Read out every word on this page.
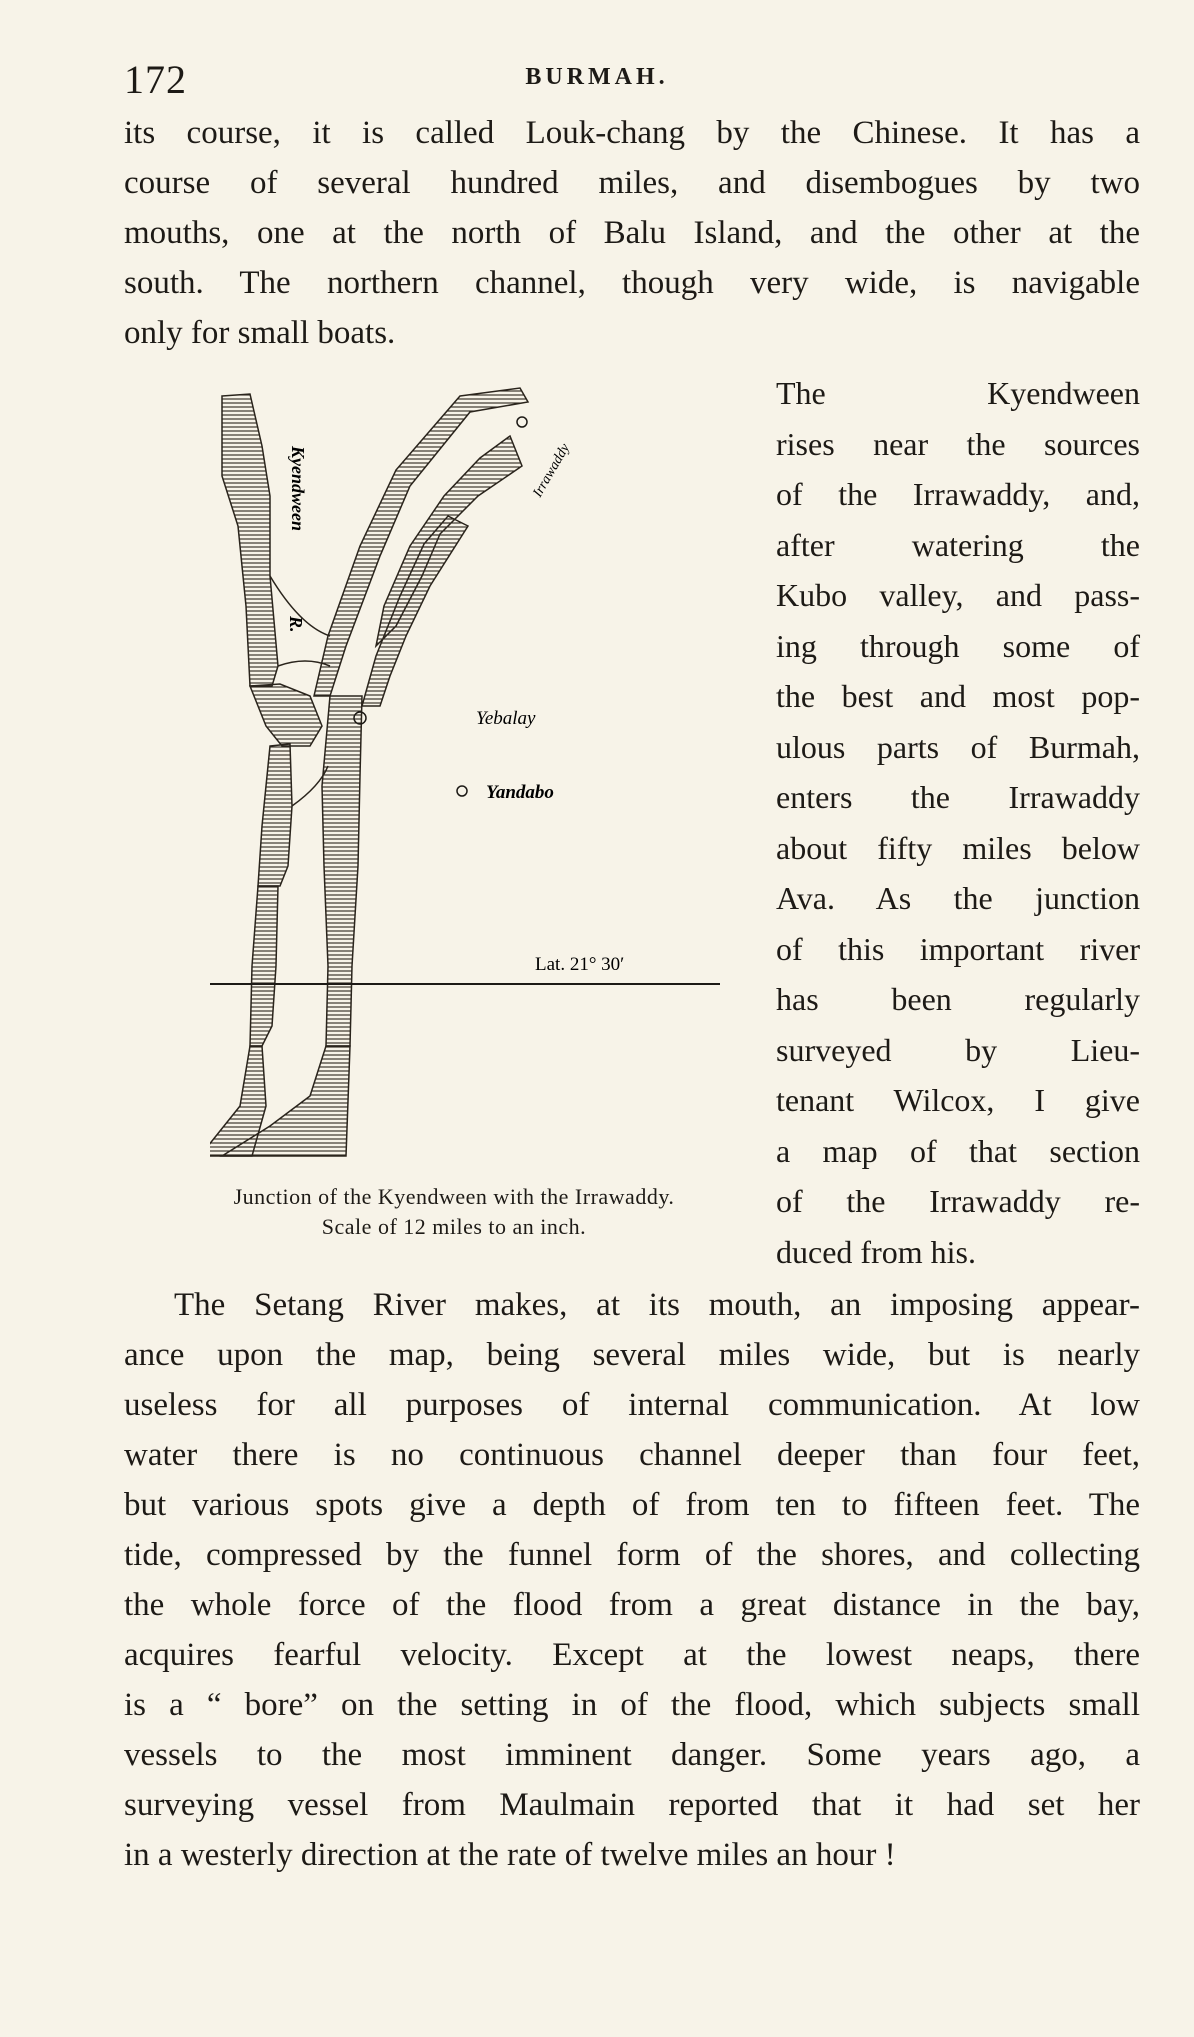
172	BURMAH.
its course, it is called Louk-chang by the Chinese. It has a
course of several hundred miles, and disembogues by two
mouths, one at the north of Balu Island, and the other at the
south. The northern channel, though very wide, is navigable
only for small boats.
Kyendween
R.
Irrawaddy
Yebalay
Yandabo
Lat. 21° 30′
The Kyendween
rises near the sources
of the Irrawaddy, and,
after watering the
Kubo valley, and pass-
ing through some of
the best and most pop-
ulous parts of Burmah,
enters the Irrawaddy
about fifty miles below
Ava. As the junction
of this important river
has been regularly
surveyed by Lieu-
tenant Wilcox, I give
a map of that section
of the Irrawaddy re-
duced from his.
Junction of the Kyendween with the Irrawaddy.
Scale of 12 miles to an inch.
The Setang River makes, at its mouth, an imposing appear-
ance upon the map, being several miles wide, but is nearly
useless for all purposes of internal communication. At low
water there is no continuous channel deeper than four feet,
but various spots give a depth of from ten to fifteen feet. The
tide, compressed by the funnel form of the shores, and collecting
the whole force of the flood from a great distance in the bay,
acquires fearful velocity. Except at the lowest neaps, there
is a “ bore” on the setting in of the flood, which subjects small
vessels to the most imminent danger. Some years ago, a
surveying vessel from Maulmain reported that it had set her
in a westerly direction at the rate of twelve miles an hour !
